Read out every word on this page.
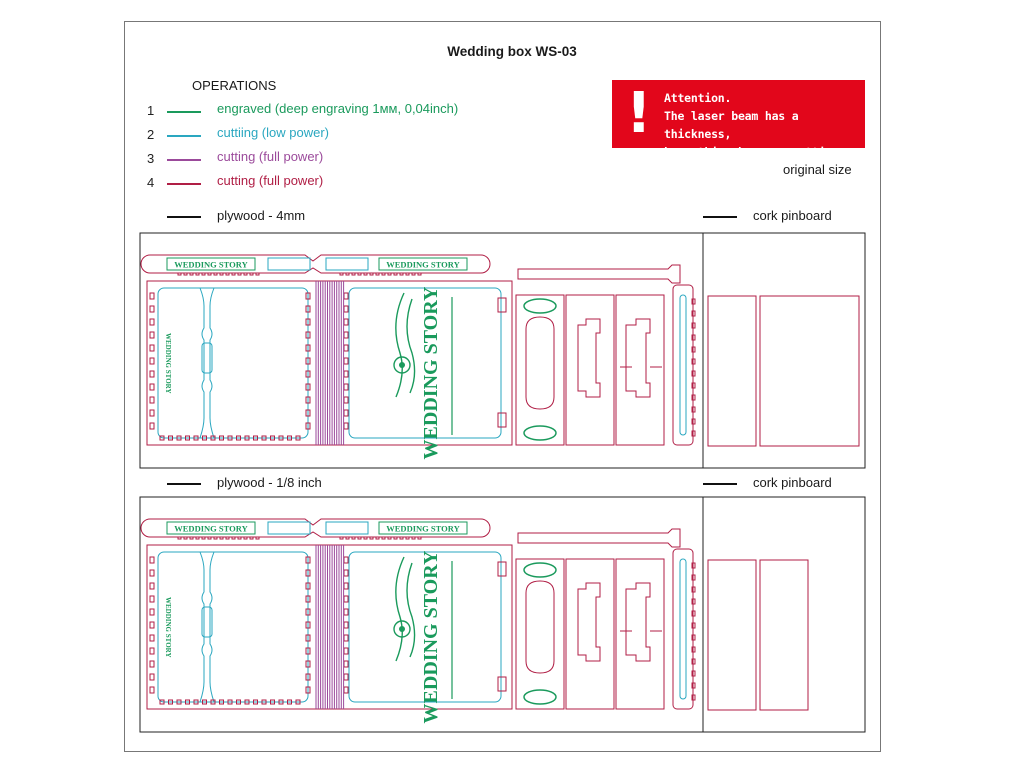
Wedding box WS-03
OPERATIONS
1	engraved (deep engraving 1мм, 0,04inch)
2	cuttiing (low power)
3	cutting (full power)
4	cutting (full power)
! Attention.
The laser beam has a thickness,
keep this when you cutting plywood.	original size
plywood - 4mm	cork pinboard
plywood - 1/8 inch	cork pinboard
WEDDING STORY	WEDDING STORY
WEDDING STORY	WEDDING STORY
WEDDING STORY	WEDDING STORY
WEDDING STORY	WEDDING STORY
